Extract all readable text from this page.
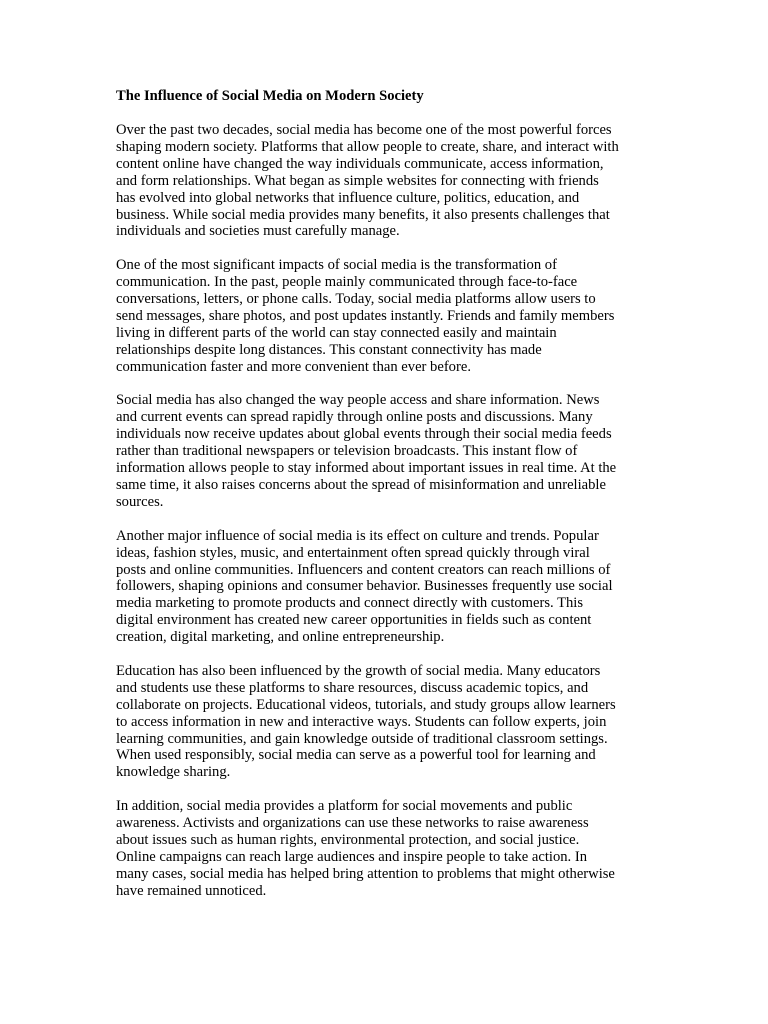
The Influence of Social Media on Modern Society
Over the past two decades, social media has become one of the most powerful forces
shaping modern society. Platforms that allow people to create, share, and interact with
content online have changed the way individuals communicate, access information,
and form relationships. What began as simple websites for connecting with friends
has evolved into global networks that influence culture, politics, education, and
business. While social media provides many benefits, it also presents challenges that
individuals and societies must carefully manage.
One of the most significant impacts of social media is the transformation of
communication. In the past, people mainly communicated through face-to-face
conversations, letters, or phone calls. Today, social media platforms allow users to
send messages, share photos, and post updates instantly. Friends and family members
living in different parts of the world can stay connected easily and maintain
relationships despite long distances. This constant connectivity has made
communication faster and more convenient than ever before.
Social media has also changed the way people access and share information. News
and current events can spread rapidly through online posts and discussions. Many
individuals now receive updates about global events through their social media feeds
rather than traditional newspapers or television broadcasts. This instant flow of
information allows people to stay informed about important issues in real time. At the
same time, it also raises concerns about the spread of misinformation and unreliable
sources.
Another major influence of social media is its effect on culture and trends. Popular
ideas, fashion styles, music, and entertainment often spread quickly through viral
posts and online communities. Influencers and content creators can reach millions of
followers, shaping opinions and consumer behavior. Businesses frequently use social
media marketing to promote products and connect directly with customers. This
digital environment has created new career opportunities in fields such as content
creation, digital marketing, and online entrepreneurship.
Education has also been influenced by the growth of social media. Many educators
and students use these platforms to share resources, discuss academic topics, and
collaborate on projects. Educational videos, tutorials, and study groups allow learners
to access information in new and interactive ways. Students can follow experts, join
learning communities, and gain knowledge outside of traditional classroom settings.
When used responsibly, social media can serve as a powerful tool for learning and
knowledge sharing.
In addition, social media provides a platform for social movements and public
awareness. Activists and organizations can use these networks to raise awareness
about issues such as human rights, environmental protection, and social justice.
Online campaigns can reach large audiences and inspire people to take action. In
many cases, social media has helped bring attention to problems that might otherwise
have remained unnoticed.
